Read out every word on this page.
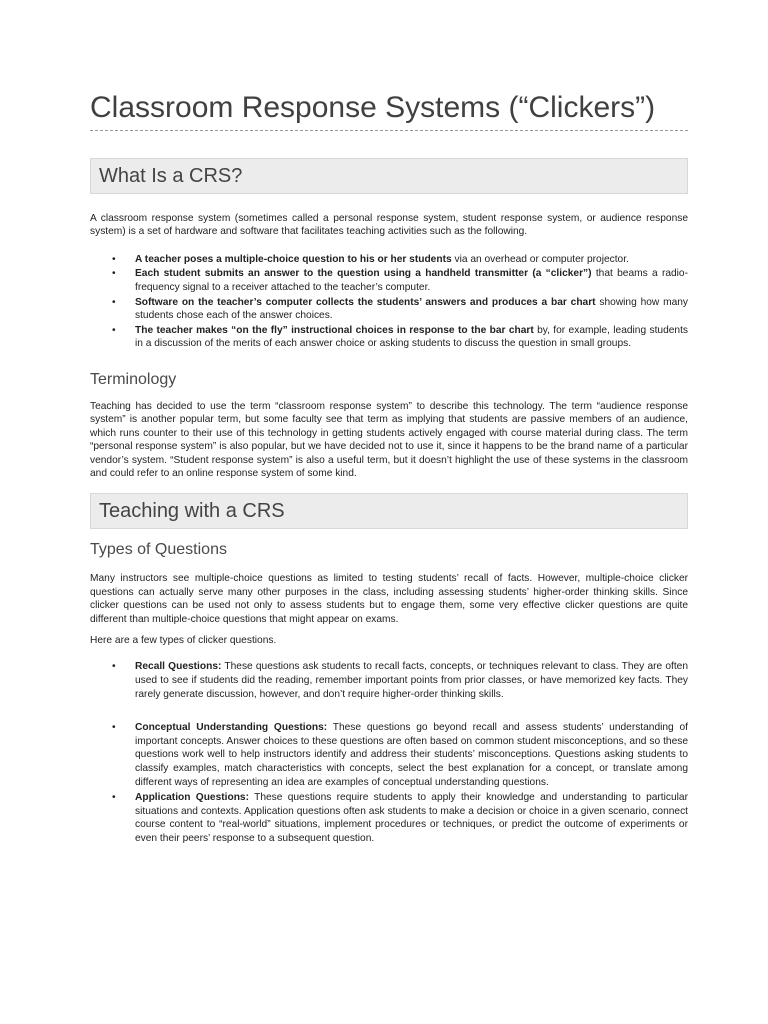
Classroom Response Systems (“Clickers”)
What Is a CRS?

A classroom response system (sometimes called a personal response system, student response system, or audience response system) is a set of hardware and software that facilitates teaching activities such as the following.

• A teacher poses a multiple-choice question to his or her students via an overhead or computer projector.
• Each student submits an answer to the question using a handheld transmitter (a “clicker”) that beams a radio-frequency signal to a receiver attached to the teacher’s computer.
• Software on the teacher’s computer collects the students’ answers and produces a bar chart showing how many students chose each of the answer choices.
• The teacher makes “on the fly” instructional choices in response to the bar chart by, for example, leading students in a discussion of the merits of each answer choice or asking students to discuss the question in small groups.
Terminology

Teaching has decided to use the term “classroom response system” to describe this technology. The term “audience response system” is another popular term, but some faculty see that term as implying that students are passive members of an audience, which runs counter to their use of this technology in getting students actively engaged with course material during class. The term “personal response system” is also popular, but we have decided not to use it, since it happens to be the brand name of a particular vendor’s system. “Student response system” is also a useful term, but it doesn’t highlight the use of these systems in the classroom and could refer to an online response system of some kind.

Teaching with a CRS
Types of Questions

Many instructors see multiple-choice questions as limited to testing students’ recall of facts. However, multiple-choice clicker questions can actually serve many other purposes in the class, including assessing students’ higher-order thinking skills. Since clicker questions can be used not only to assess students but to engage them, some very effective clicker questions are quite different than multiple-choice questions that might appear on exams.

Here are a few types of clicker questions.

• Recall Questions: These questions ask students to recall facts, concepts, or techniques relevant to class. They are often used to see if students did the reading, remember important points from prior classes, or have memorized key facts. They rarely generate discussion, however, and don’t require higher-order thinking skills.
• Conceptual Understanding Questions: These questions go beyond recall and assess students’ understanding of important concepts. Answer choices to these questions are often based on common student misconceptions, and so these questions work well to help instructors identify and address their students’ misconceptions. Questions asking students to classify examples, match characteristics with concepts, select the best explanation for a concept, or translate among different ways of representing an idea are examples of conceptual understanding questions.
• Application Questions: These questions require students to apply their knowledge and understanding to particular situations and contexts. Application questions often ask students to make a decision or choice in a given scenario, connect course content to “real-world” situations, implement procedures or techniques, or predict the outcome of experiments or even their peers’ response to a subsequent question.
